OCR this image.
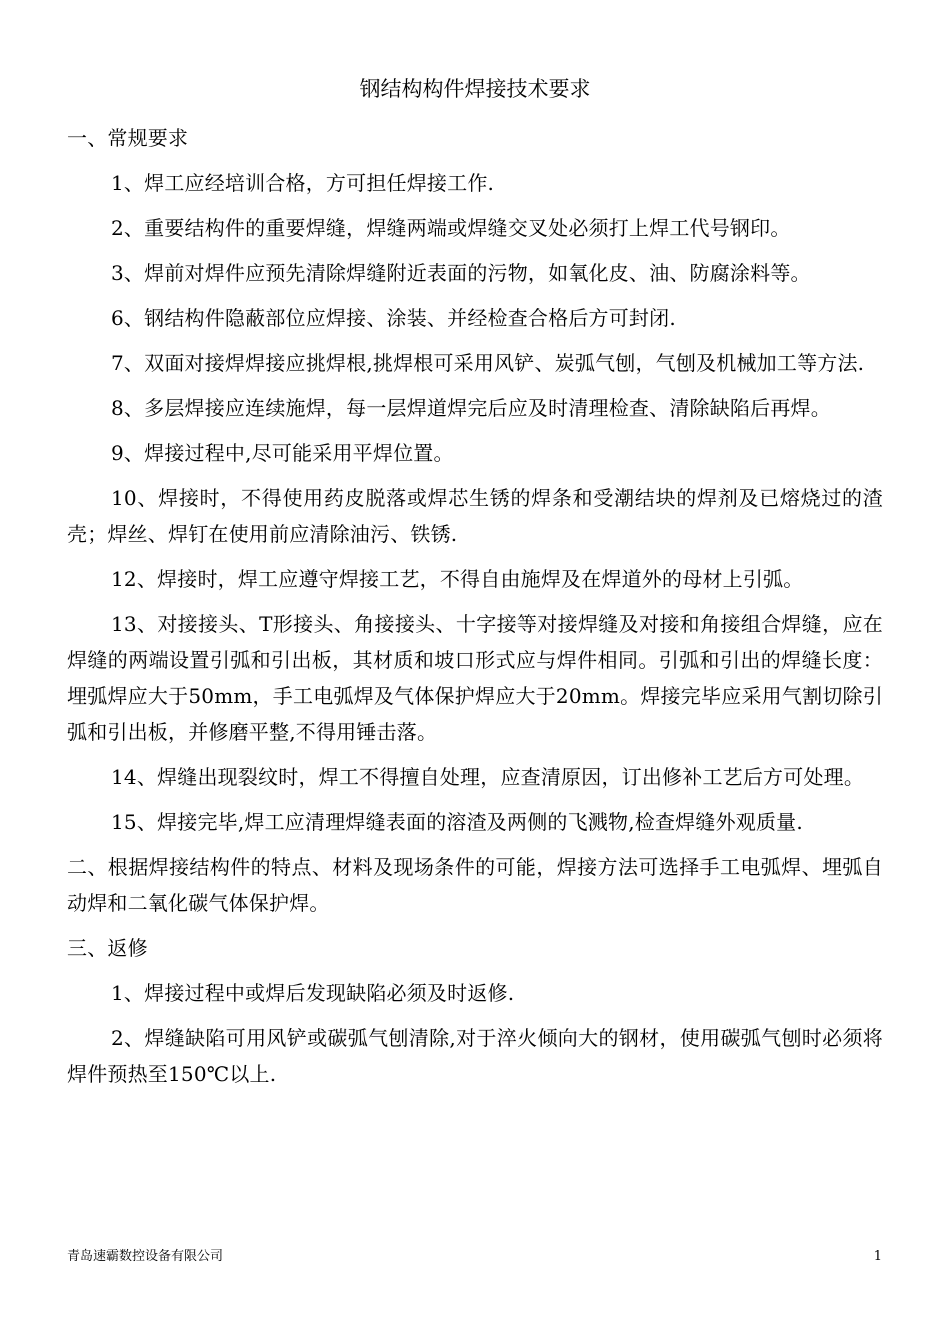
钢结构构件焊接技术要求

一、常规要求

1、焊工应经培训合格，方可担任焊接工作.

2、重要结构件的重要焊缝，焊缝两端或焊缝交叉处必须打上焊工代号钢印。

3、焊前对焊件应预先清除焊缝附近表面的污物，如氧化皮、油、防腐涂料等。

6、钢结构件隐蔽部位应焊接、涂装、并经检查合格后方可封闭.

7、双面对接焊焊接应挑焊根,挑焊根可采用风铲、炭弧气刨，气刨及机械加工等方法.

8、多层焊接应连续施焊，每一层焊道焊完后应及时清理检查、清除缺陷后再焊。

9、焊接过程中,尽可能采用平焊位置。

10、焊接时，不得使用药皮脱落或焊芯生锈的焊条和受潮结块的焊剂及已熔烧过的渣壳；焊丝、焊钉在使用前应清除油污、铁锈.

12、焊接时，焊工应遵守焊接工艺，不得自由施焊及在焊道外的母材上引弧。

13、对接接头、T形接头、角接接头、十字接等对接焊缝及对接和角接组合焊缝，应在焊缝的两端设置引弧和引出板，其材质和坡口形式应与焊件相同。引弧和引出的焊缝长度：埋弧焊应大于50mm，手工电弧焊及气体保护焊应大于20mm。焊接完毕应采用气割切除引弧和引出板，并修磨平整,不得用锤击落。

14、焊缝出现裂纹时，焊工不得擅自处理，应查清原因，订出修补工艺后方可处理。

15、焊接完毕,焊工应清理焊缝表面的溶渣及两侧的飞溅物,检查焊缝外观质量.

二、根据焊接结构件的特点、材料及现场条件的可能，焊接方法可选择手工电弧焊、埋弧自动焊和二氧化碳气体保护焊。

三、返修

1、焊接过程中或焊后发现缺陷必须及时返修.

2、焊缝缺陷可用风铲或碳弧气刨清除,对于淬火倾向大的钢材，使用碳弧气刨时必须将焊件预热至150℃以上.

青岛速霸数控设备有限公司	1
